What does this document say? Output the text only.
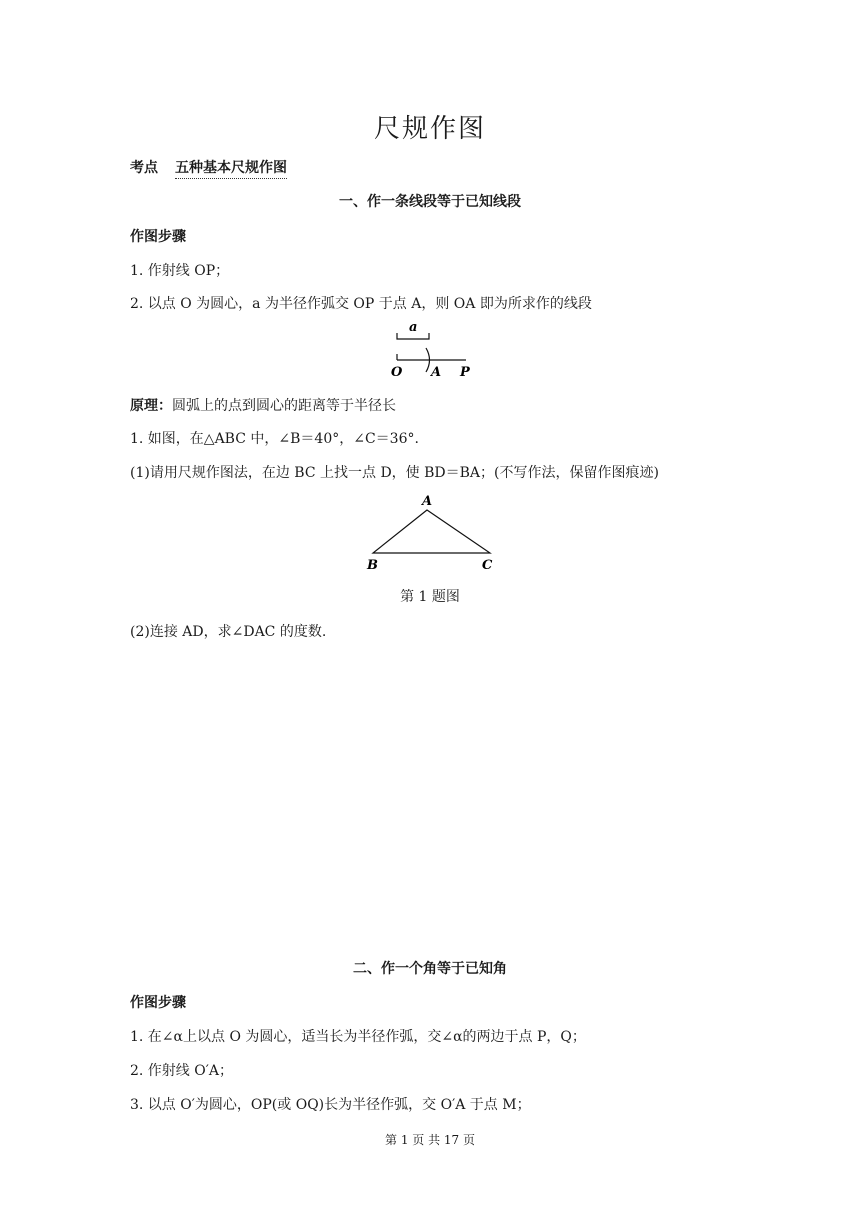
尺规作图
考点 五种基本尺规作图
一、作一条线段等于已知线段
作图步骤
1. 作射线 OP；
2. 以点 O 为圆心，a 为半径作弧交 OP 于点 A，则 OA 即为所求作的线段
a
O A P
原理：圆弧上的点到圆心的距离等于半径长
1. 如图，在△ABC 中，∠B＝40°，∠C＝36°.
(1)请用尺规作图法，在边 BC 上找一点 D，使 BD＝BA；(不写作法，保留作图痕迹)
A
B	C
第 1 题图
(2)连接 AD，求∠DAC 的度数.
二、作一个角等于已知角
作图步骤
1. 在∠α上以点 O 为圆心，适当长为半径作弧，交∠α的两边于点 P，Q；
2. 作射线 O′A；
3. 以点 O′为圆心，OP(或 OQ)长为半径作弧，交 O′A 于点 M；
第 1 页 共 17 页
